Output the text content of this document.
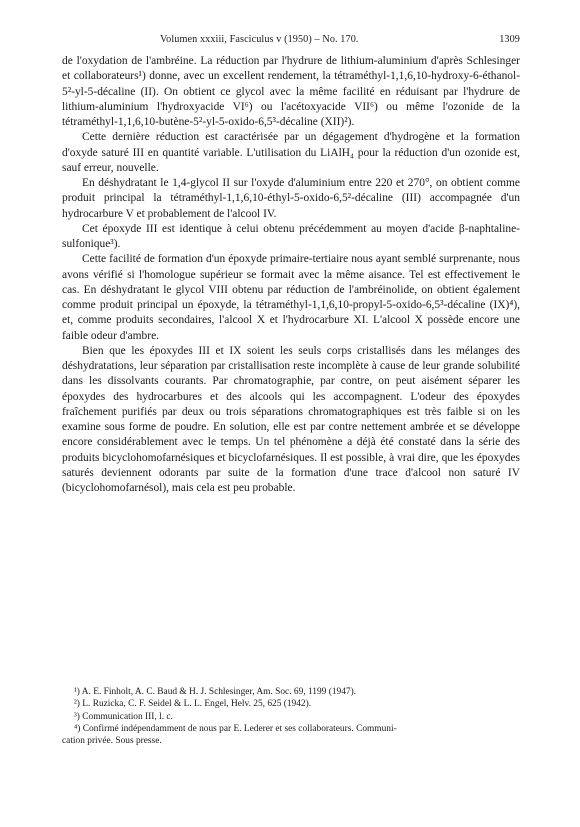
Volumen xxxiii, Fasciculus v (1950) – No. 170.	1309

de l'oxydation de l'ambréine. La réduction par l'hydrure de lithium-aluminium d'après Schlesinger et collaborateurs¹) donne, avec un excellent rendement, la tétraméthyl-1,1,6,10-hydroxy-6-éthanol-5²-yl-5-décaline (II). On obtient ce glycol avec la même facilité en réduisant par l'hydrure de lithium-aluminium l'hydroxyacide VI⁶) ou l'acétoxyacide VII⁶) ou même l'ozonide de la tétraméthyl-1,1,6,10-butène-5²-yl-5-oxido-6,5³-décaline (XII)²).

Cette dernière réduction est caractérisée par un dégagement d'hydrogène et la formation d'oxyde saturé III en quantité variable. L'utilisation du LiAlH₄ pour la réduction d'un ozonide est, sauf erreur, nouvelle.

En déshydratant le 1,4-glycol II sur l'oxyde d'aluminium entre 220 et 270°, on obtient comme produit principal la tétraméthyl-1,1,6,10-éthyl-5-oxido-6,5²-décaline (III) accompagnée d'un hydrocarbure V et probablement de l'alcool IV.

Cet époxyde III est identique à celui obtenu précédemment au moyen d'acide β-naphtaline-sulfonique³).

Cette facilité de formation d'un époxyde primaire-tertiaire nous ayant semblé surprenante, nous avons vérifié si l'homologue supérieur se formait avec la même aisance. Tel est effectivement le cas. En déshydratant le glycol VIII obtenu par réduction de l'ambréinolide, on obtient également comme produit principal un époxyde, la tétraméthyl-1,1,6,10-propyl-5-oxido-6,5³-décaline (IX)⁴), et, comme produits secondaires, l'alcool X et l'hydrocarbure XI. L'alcool X possède encore une faible odeur d'ambre.

Bien que les époxydes III et IX soient les seuls corps cristallisés dans les mélanges des déshydratations, leur séparation par cristallisation reste incomplète à cause de leur grande solubilité dans les dissolvants courants. Par chromatographie, par contre, on peut aisément séparer les époxydes des hydrocarbures et des alcools qui les accompagnent. L'odeur des époxydes fraîchement purifiés par deux ou trois séparations chromatographiques est très faible si on les examine sous forme de poudre. En solution, elle est par contre nettement ambrée et se développe encore considérablement avec le temps. Un tel phénomène a déjà été constaté dans la série des produits bicyclohomofarnésiques et bicyclofarnésiques. Il est possible, à vrai dire, que les époxydes saturés deviennent odorants par suite de la formation d'une trace d'alcool non saturé IV (bicyclohomofarnésol), mais cela est peu probable.

¹) A. E. Finholt, A. C. Baud & H. J. Schlesinger, Am. Soc. 69, 1199 (1947).
²) L. Ruzicka, C. F. Seidel & L. L. Engel, Helv. 25, 625 (1942).
³) Communication III, l. c.
⁴) Confirmé indépendamment de nous par E. Lederer et ses collaborateurs. Communi-
cation privée. Sous presse.
